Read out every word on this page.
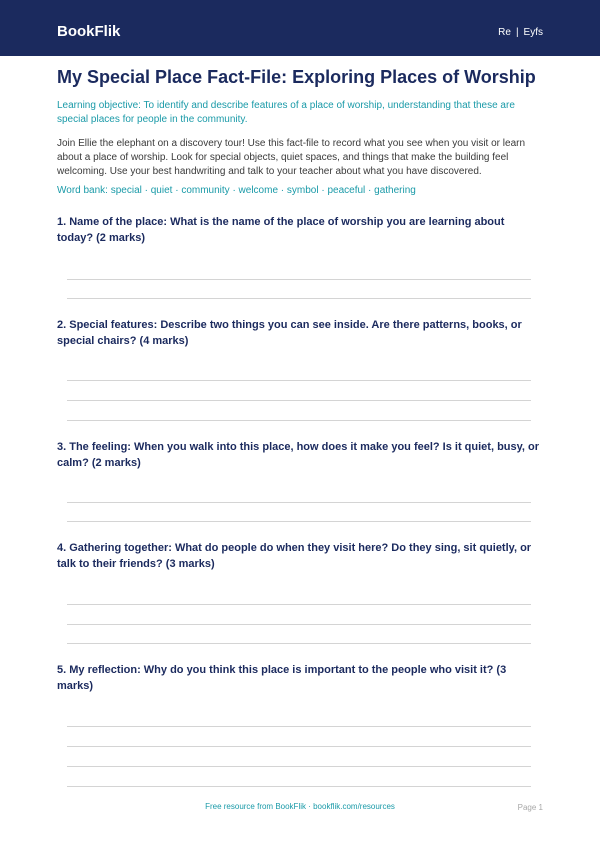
BookFlik	Re | Eyfs
My Special Place Fact-File: Exploring Places of Worship

Learning objective: To identify and describe features of a place of worship, understanding that these are special places for people in the community.

Join Ellie the elephant on a discovery tour! Use this fact-file to record what you see when you visit or learn about a place of worship. Look for special objects, quiet spaces, and things that make the building feel welcoming. Use your best handwriting and talk to your teacher about what you have discovered.

Word bank: special · quiet · community · welcome · symbol · peaceful · gathering

1. Name of the place: What is the name of the place of worship you are learning about today? (2 marks)

2. Special features: Describe two things you can see inside. Are there patterns, books, or special chairs? (4 marks)

3. The feeling: When you walk into this place, how does it make you feel? Is it quiet, busy, or calm? (2 marks)

4. Gathering together: What do people do when they visit here? Do they sing, sit quietly, or talk to their friends? (3 marks)

5. My reflection: Why do you think this place is important to the people who visit it? (3 marks)

Free resource from BookFlik · bookflik.com/resources	Page 1
